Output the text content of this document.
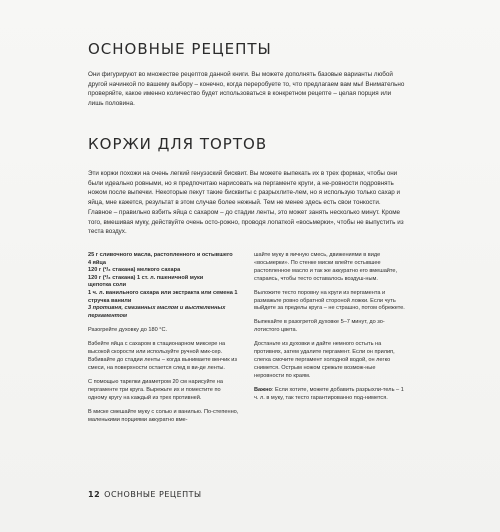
ОСНОВНЫЕ РЕЦЕПТЫ

Они фигурируют во множестве рецептов данной книги. Вы можете дополнять базовые варианты любой другой начинкой по вашему выбору – конечно, когда переробуете то, что предлагаем вам мы! Внимательно проверяйте, какое именно количество будет использоваться в конкретном рецепте – целая порция или лишь половина.

КОРЖИ ДЛЯ ТОРТОВ

Эти коржи похожи на очень легкий генуэзский бисквит. Вы можете выпекать их в трех формах, чтобы они были идеально ровными, но я предпочитаю нарисовать на пергаменте круги, а не-ровности подровнять ножом после выпечки. Некоторые пекут такие бисквиты с разрыхлите-лем, но я использую только сахар и яйца, мне кажется, результат в этом случае более нежный. Тем не менее здесь есть свои тонкости. Главное – правильно взбить яйца с сахаром – до стадии ленты, это может занять несколько минут. Кроме того, вмешивая муку, действуйте очень осто-рожно, проводя лопаткой «восьмерки», чтобы не выпустить из теста воздух.

25 г сливочного масла, растопленного и остывшего
4 яйца
120 г (²/₃ стакана) мелкого сахара
120 г (²/₃ стакана) 1 ст. л. пшеничной муки
щепотка соли
1 ч. л. ванильного сахара или экстракта или семена 1 стручка ванили
3 противня, смазанных маслом и выстеленных пергаментом

Разогрейте духовку до 180 °С.

Взбейте яйца с сахаром в стационарном миксере на высокой скорости или используйте ручной мик-сер. Взбивайте до стадии ленты – когда вынимаете венчик из смеси, на поверхности остается след в ви-де ленты.

С помощью тарелки диаметром 20 см нарисуйте на пергаменте три круга. Вырежьте их и поместите по одному кругу на каждый из трех противней.

В миске смешайте муку с солью и ванилью. По-степенно, маленькими порциями аккуратно вме-

шайте муку в яичную смесь, движениями в виде «восьмерки». По стенке миски влейте остывшее растопленное масло и так же аккуратно его вмешайте, стараясь, чтобы тесто оставалось воздуш-ным.

Выложите тесто поровну на круги из пергамента и размажьте ровно обратной стороной ложки. Если чуть выйдете за пределы круга – не страшно, потом обрежете.

Выпекайте в разогретой духовке 5–7 минут, до зо-лотистого цвета.

Достаньте из духовки и дайте немного остыть на противнях, затем удалите пергамент. Если он прилип, слегка смочите пергамент холодной водой, он легко снимется. Острым ножом срежьте возмож-ные неровности по краям.

Важно: Если хотите, можете добавить разрыхли-тель – 1 ч. л. в муку, так тесто гарантированно под-нимется.

12 ОСНОВНЫЕ РЕЦЕПТЫ
